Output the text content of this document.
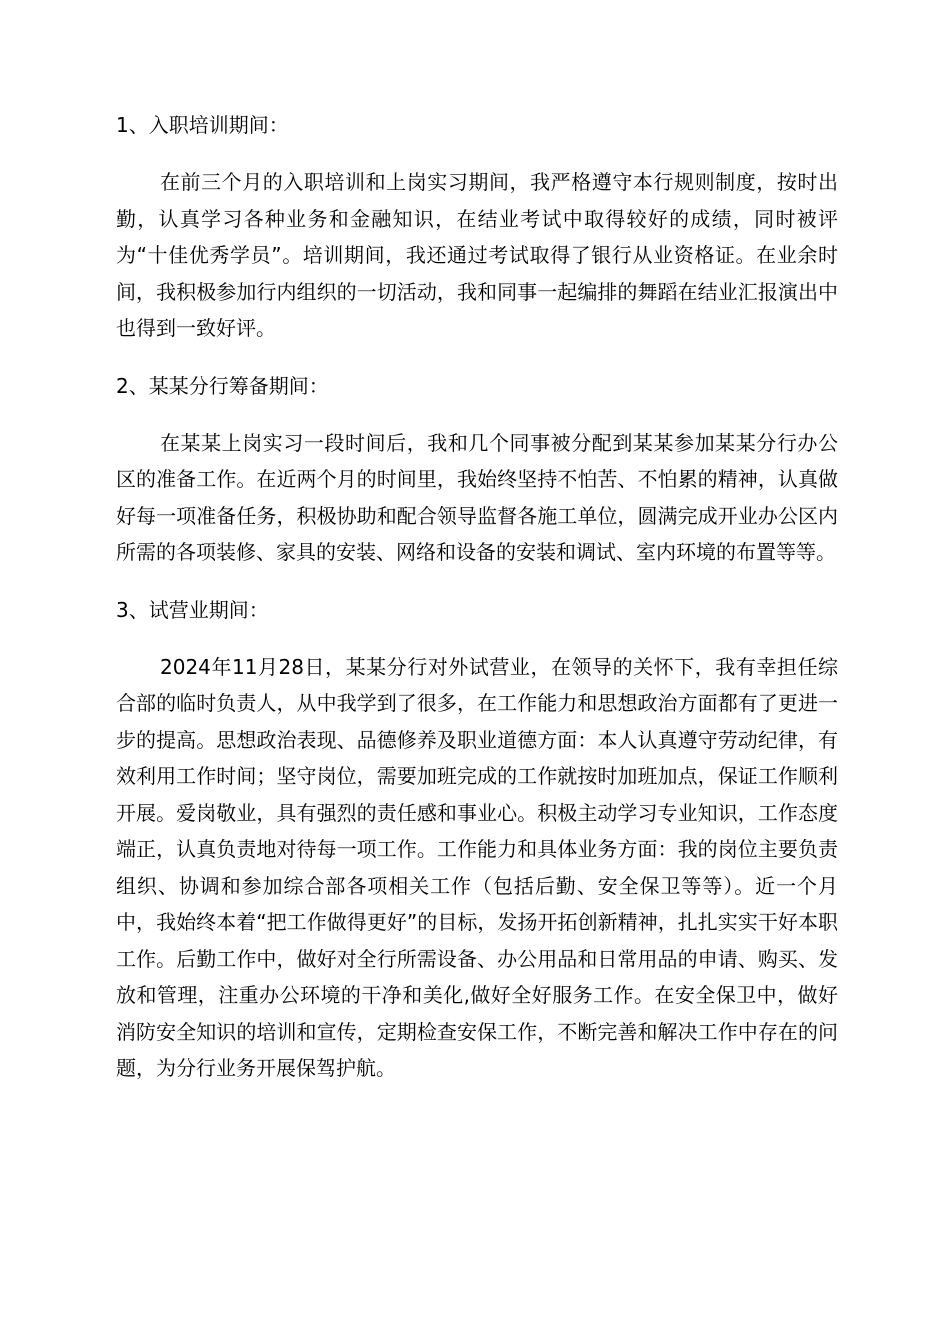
1、入职培训期间：

在前三个月的入职培训和上岗实习期间，我严格遵守本行规则制度，按时出勤，认真学习各种业务和金融知识，在结业考试中取得较好的成绩，同时被评为“十佳优秀学员”。培训期间，我还通过考试取得了银行从业资格证。在业余时间，我积极参加行内组织的一切活动，我和同事一起编排的舞蹈在结业汇报演出中也得到一致好评。

2、某某分行筹备期间：

在某某上岗实习一段时间后，我和几个同事被分配到某某参加某某分行办公区的准备工作。在近两个月的时间里，我始终坚持不怕苦、不怕累的精神，认真做好每一项准备任务，积极协助和配合领导监督各施工单位，圆满完成开业办公区内所需的各项装修、家具的安装、网络和设备的安装和调试、室内环境的布置等等。

3、试营业期间：

2024年11月28日，某某分行对外试营业，在领导的关怀下，我有幸担任综合部的临时负责人，从中我学到了很多，在工作能力和思想政治方面都有了更进一步的提高。思想政治表现、品德修养及职业道德方面：本人认真遵守劳动纪律，有效利用工作时间；坚守岗位，需要加班完成的工作就按时加班加点，保证工作顺利开展。爱岗敬业，具有强烈的责任感和事业心。积极主动学习专业知识，工作态度端正，认真负责地对待每一项工作。工作能力和具体业务方面：我的岗位主要负责组织、协调和参加综合部各项相关工作（包括后勤、安全保卫等等）。近一个月中，我始终本着“把工作做得更好”的目标，发扬开拓创新精神，扎扎实实干好本职工作。后勤工作中，做好对全行所需设备、办公用品和日常用品的申请、购买、发放和管理，注重办公环境的干净和美化,做好全好服务工作。在安全保卫中，做好消防安全知识的培训和宣传，定期检查安保工作，不断完善和解决工作中存在的问题，为分行业务开展保驾护航。
